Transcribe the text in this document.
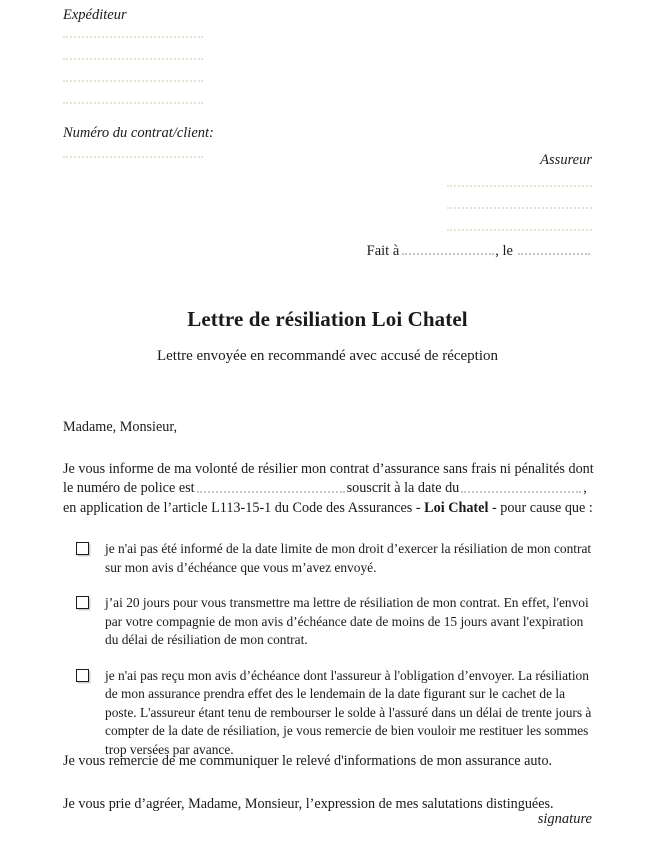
Expéditeur
Numéro du contrat/client:
Assureur
Fait à	, le
Lettre de résiliation Loi Chatel
Lettre envoyée en recommandé avec accusé de réception
Madame, Monsieur,
Je vous informe de ma volonté de résilier mon contrat d’assurance sans frais ni pénalités dont le numéro de police est	souscrit à la date du	, en application de l’article L113-15-1 du Code des Assurances - Loi Chatel - pour cause que :
je n'ai pas été informé de la date limite de mon droit d’exercer la résiliation de mon contrat sur mon avis d’échéance que vous m’avez envoyé.
j’ai 20 jours pour vous transmettre ma lettre de résiliation de mon contrat. En effet, l'envoi par votre compagnie de mon avis d’échéance date de moins de 15 jours avant l'expiration du délai de résiliation de mon contrat.
je n'ai pas reçu mon avis d’échéance dont l'assureur à l'obligation d’envoyer. La résiliation de mon assurance prendra effet des le lendemain de la date figurant sur le cachet de la poste. L'assureur étant tenu de rembourser le solde à l'assuré dans un délai de trente jours à compter de la date de résiliation, je vous remercie de bien vouloir me restituer les sommes trop versées par avance.

Je vous remercie de me communiquer le relevé d'informations de mon assurance auto.

Je vous prie d’agréer, Madame, Monsieur, l’expression de mes salutations distinguées.

signature
